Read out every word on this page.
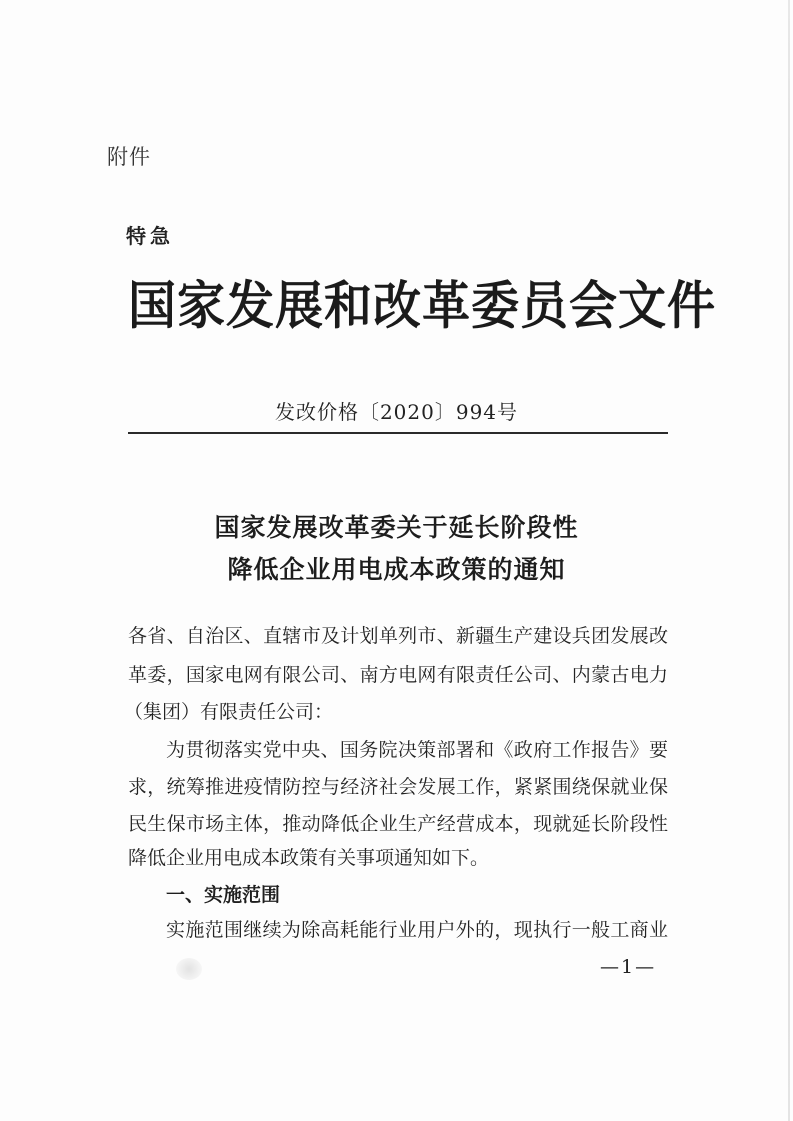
附件
特急
国家发展和改革委员会文件
发改价格〔2020〕994号
国家发展改革委关于延长阶段性
降低企业用电成本政策的通知
各省、自治区、直辖市及计划单列市、新疆生产建设兵团发展改
革委，国家电网有限公司、南方电网有限责任公司、内蒙古电力
（集团）有限责任公司：
为贯彻落实党中央、国务院决策部署和《政府工作报告》要
求，统筹推进疫情防控与经济社会发展工作，紧紧围绕保就业保
民生保市场主体，推动降低企业生产经营成本，现就延长阶段性
降低企业用电成本政策有关事项通知如下。
一、实施范围
实施范围继续为除高耗能行业用户外的，现执行一般工商业
—1—
